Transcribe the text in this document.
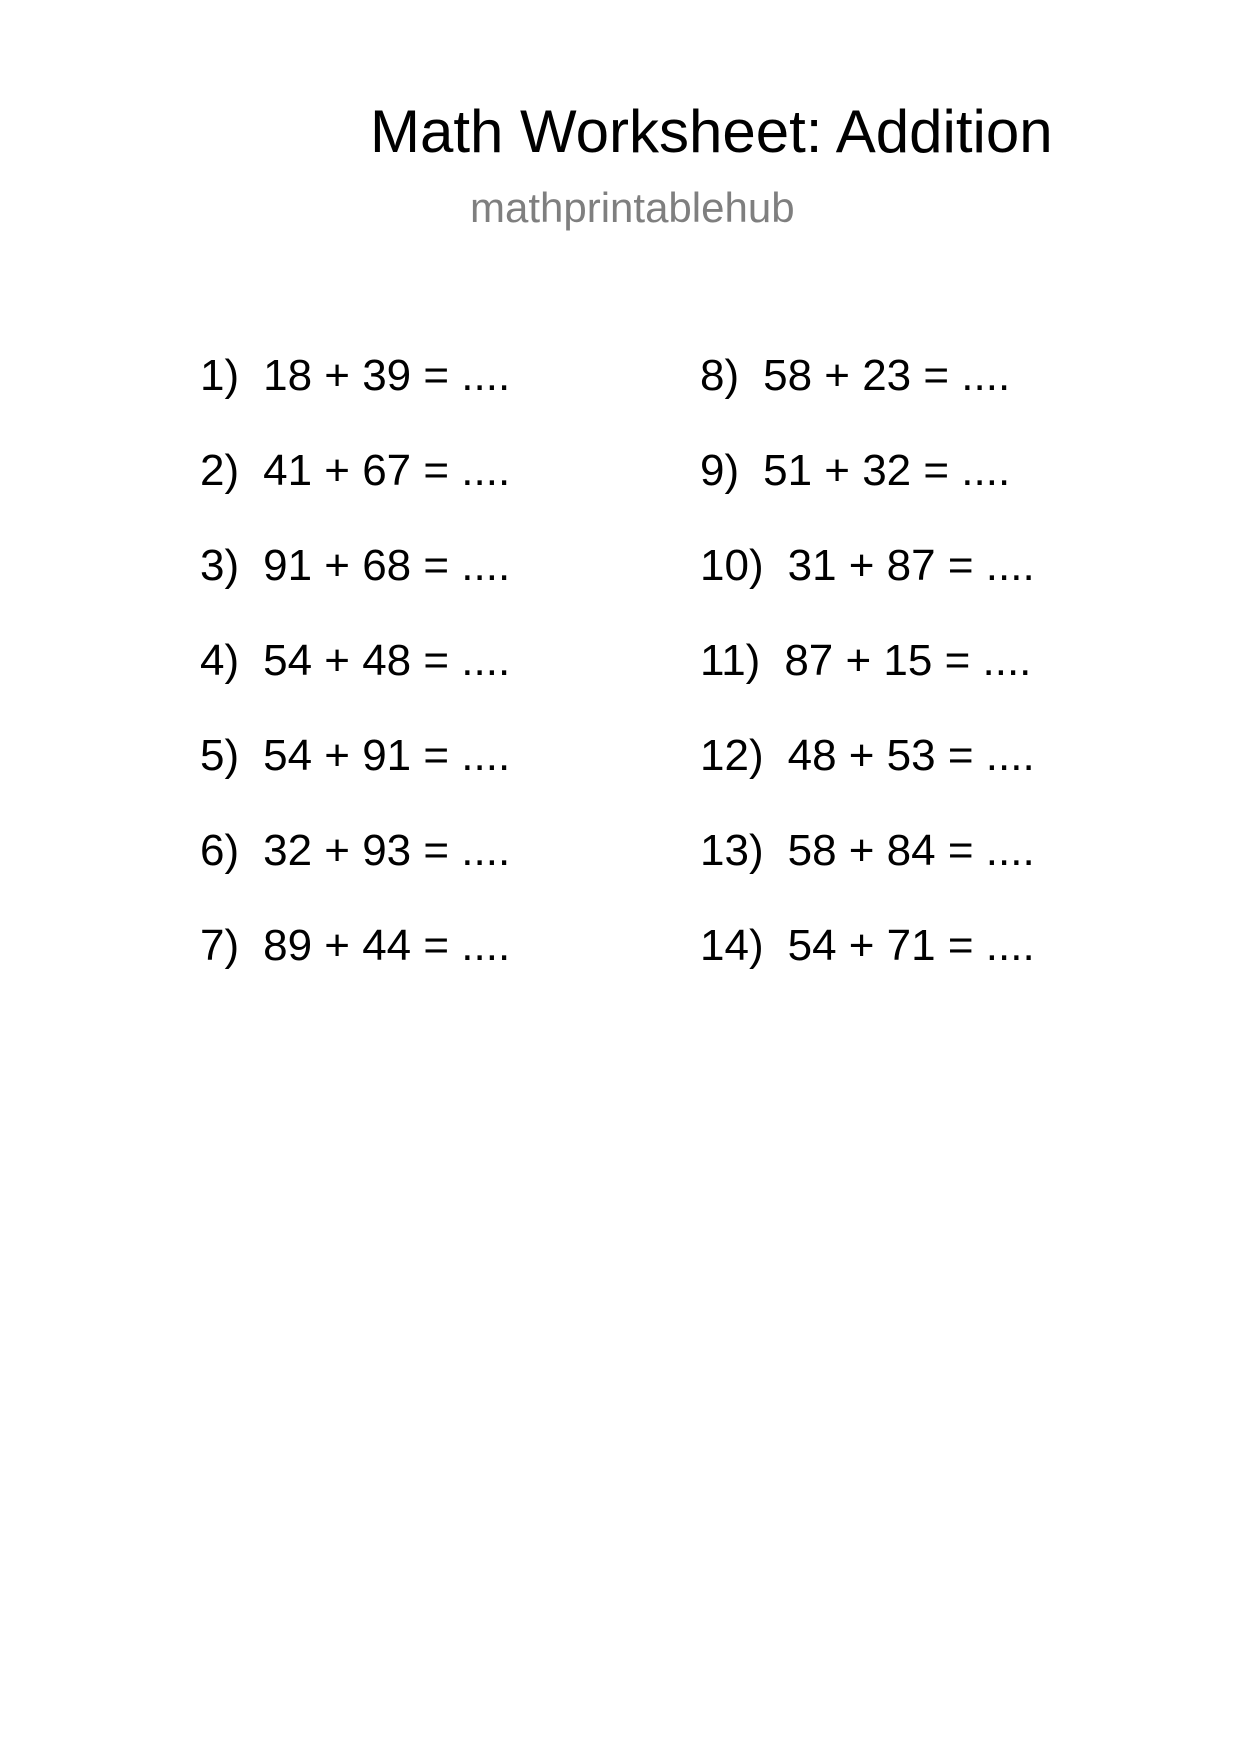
Math Worksheet: Addition
mathprintablehub
1) 18 + 39 = ....
2) 41 + 67 = ....
3) 91 + 68 = ....
4) 54 + 48 = ....
5) 54 + 91 = ....
6) 32 + 93 = ....
7) 89 + 44 = ....
8) 58 + 23 = ....
9) 51 + 32 = ....
10) 31 + 87 = ....
11) 87 + 15 = ....
12) 48 + 53 = ....
13) 58 + 84 = ....
14) 54 + 71 = ....
